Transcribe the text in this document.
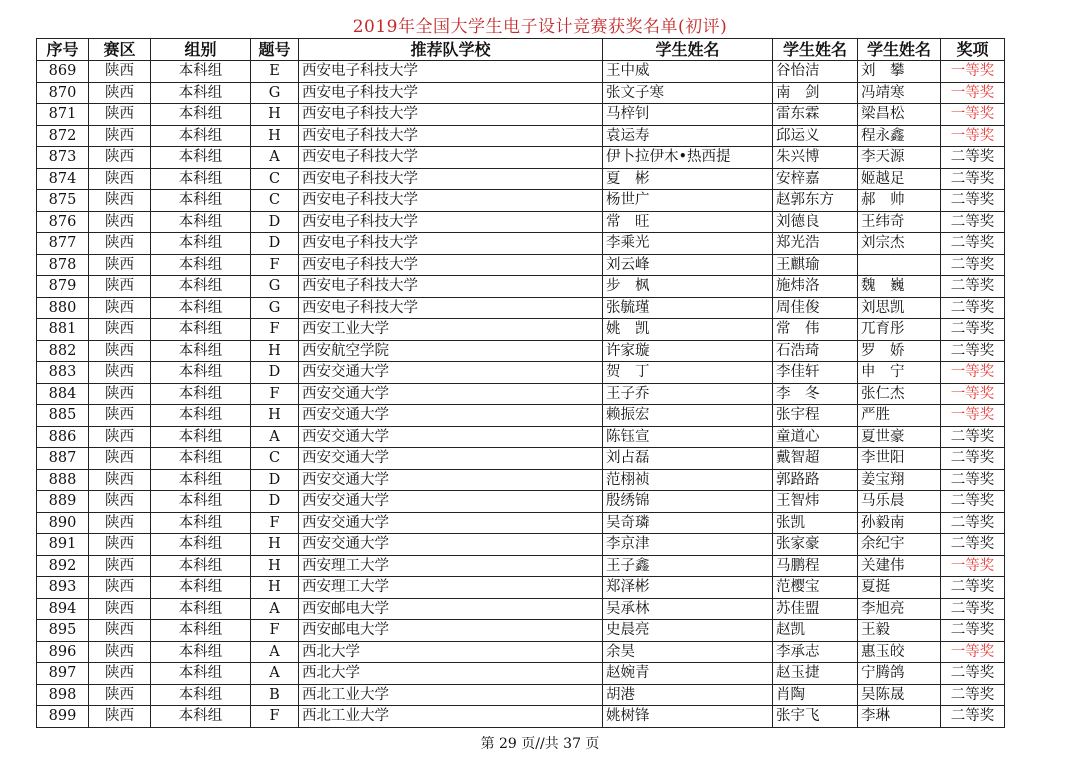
2019年全国大学生电子设计竞赛获奖名单(初评)
序号	赛区	组别	题号	推荐队学校	学生姓名	学生姓名	学生姓名	奖项
869	陕西	本科组	E	西安电子科技大学	王中威	谷怡洁	刘　攀	一等奖
870	陕西	本科组	G	西安电子科技大学	张文子寒	南　剑	冯靖寒	一等奖
871	陕西	本科组	H	西安电子科技大学	马梓钊	雷东霖	梁昌松	一等奖
872	陕西	本科组	H	西安电子科技大学	袁运寿	邱运义	程永鑫	一等奖
873	陕西	本科组	A	西安电子科技大学	伊卜拉伊木•热西提	朱兴博	李天源	二等奖
874	陕西	本科组	C	西安电子科技大学	夏　彬	安梓嘉	姬越足	二等奖
875	陕西	本科组	C	西安电子科技大学	杨世广	赵郭东方	郝　帅	二等奖
876	陕西	本科组	D	西安电子科技大学	常　旺	刘德良	王纬奇	二等奖
877	陕西	本科组	D	西安电子科技大学	李乘光	郑光浩	刘宗杰	二等奖
878	陕西	本科组	F	西安电子科技大学	刘云峰	王麒瑜		二等奖
879	陕西	本科组	G	西安电子科技大学	步　枫	施炜洛	魏　巍	二等奖
880	陕西	本科组	G	西安电子科技大学	张毓瑾	周佳俊	刘思凯	二等奖
881	陕西	本科组	F	西安工业大学	姚　凯	常　伟	兀育彤	二等奖
882	陕西	本科组	H	西安航空学院	许家璇	石浩琦	罗　娇	二等奖
883	陕西	本科组	D	西安交通大学	贺　丁	李佳轩	申　宁	一等奖
884	陕西	本科组	F	西安交通大学	王子乔	李　冬	张仁杰	一等奖
885	陕西	本科组	H	西安交通大学	赖振宏	张宇程	严胜	一等奖
886	陕西	本科组	A	西安交通大学	陈钰宣	童道心	夏世豪	二等奖
887	陕西	本科组	C	西安交通大学	刘占磊	戴智超	李世阳	二等奖
888	陕西	本科组	D	西安交通大学	范栩祯	郭路路	姜宝翔	二等奖
889	陕西	本科组	D	西安交通大学	殷绣锦	王智炜	马乐晨	二等奖
890	陕西	本科组	F	西安交通大学	吴奇璘	张凯	孙毅南	二等奖
891	陕西	本科组	H	西安交通大学	李京津	张家豪	余纪宇	二等奖
892	陕西	本科组	H	西安理工大学	王子鑫	马鹏程	关建伟	一等奖
893	陕西	本科组	H	西安理工大学	郑泽彬	范樱宝	夏挺	二等奖
894	陕西	本科组	A	西安邮电大学	吴承林	苏佳盟	李旭亮	二等奖
895	陕西	本科组	F	西安邮电大学	史晨亮	赵凯	王毅	二等奖
896	陕西	本科组	A	西北大学	余昊	李承志	惠玉皎	一等奖
897	陕西	本科组	A	西北大学	赵婉青	赵玉捷	宁腾鸽	二等奖
898	陕西	本科组	B	西北工业大学	胡港	肖陶	吴陈晟	二等奖
899	陕西	本科组	F	西北工业大学	姚树锋	张宇飞	李琳	二等奖
第 29 页//共 37 页
